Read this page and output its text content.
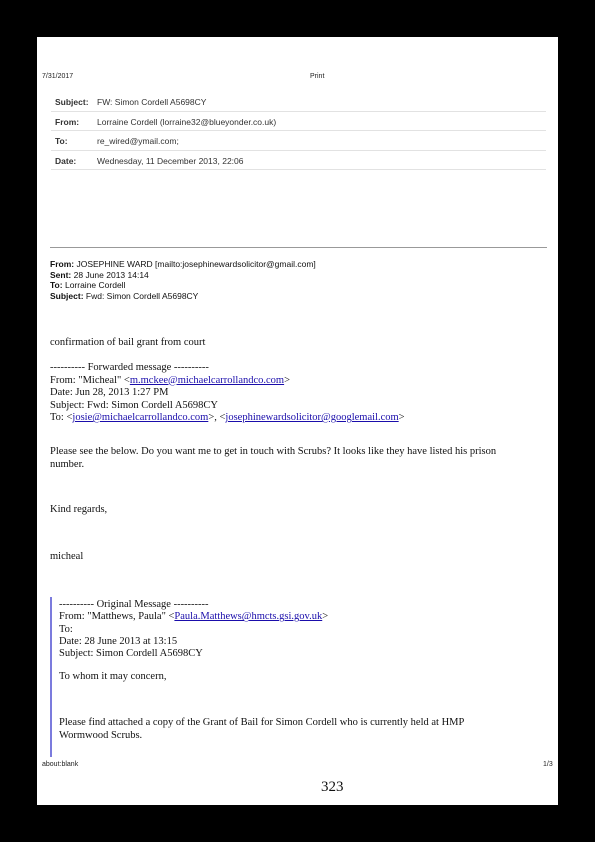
7/31/2017	Print
Subject: FW: Simon Cordell A5698CY
From: Lorraine Cordell (lorraine32@blueyonder.co.uk)
To:	re_wired@ymail.com;
Date: Wednesday, 11 December 2013, 22:06
From: JOSEPHINE WARD [mailto:josephinewardsolicitor@gmail.com]
Sent: 28 June 2013 14:14
To: Lorraine Cordell
Subject: Fwd: Simon Cordell A5698CY
confirmation of bail grant from court

---------- Forwarded message ----------

From: "Micheal" <m.mckee@michaelcarrollandco.com>

Date: Jun 28, 2013 1:27 PM

Subject: Fwd: Simon Cordell A5698CY

To: <josie@michaelcarrollandco.com>, <josephinewardsolicitor@googlemail.com>

Please see the below. Do you want me to get in touch with Scrubs? It looks like they have listed his prison

number.

Kind regards,
micheal

---------- Original Message ----------

From: "Matthews, Paula" <Paula.Matthews@hmcts.gsi.gov.uk>

To:

Date: 28 June 2013 at 13:15

Subject: Simon Cordell A5698CY

To whom it may concern,

Please find attached a copy of the Grant of Bail for Simon Cordell who is currently held at HMP

Wormwood Scrubs.

about:blank	1/3
323
